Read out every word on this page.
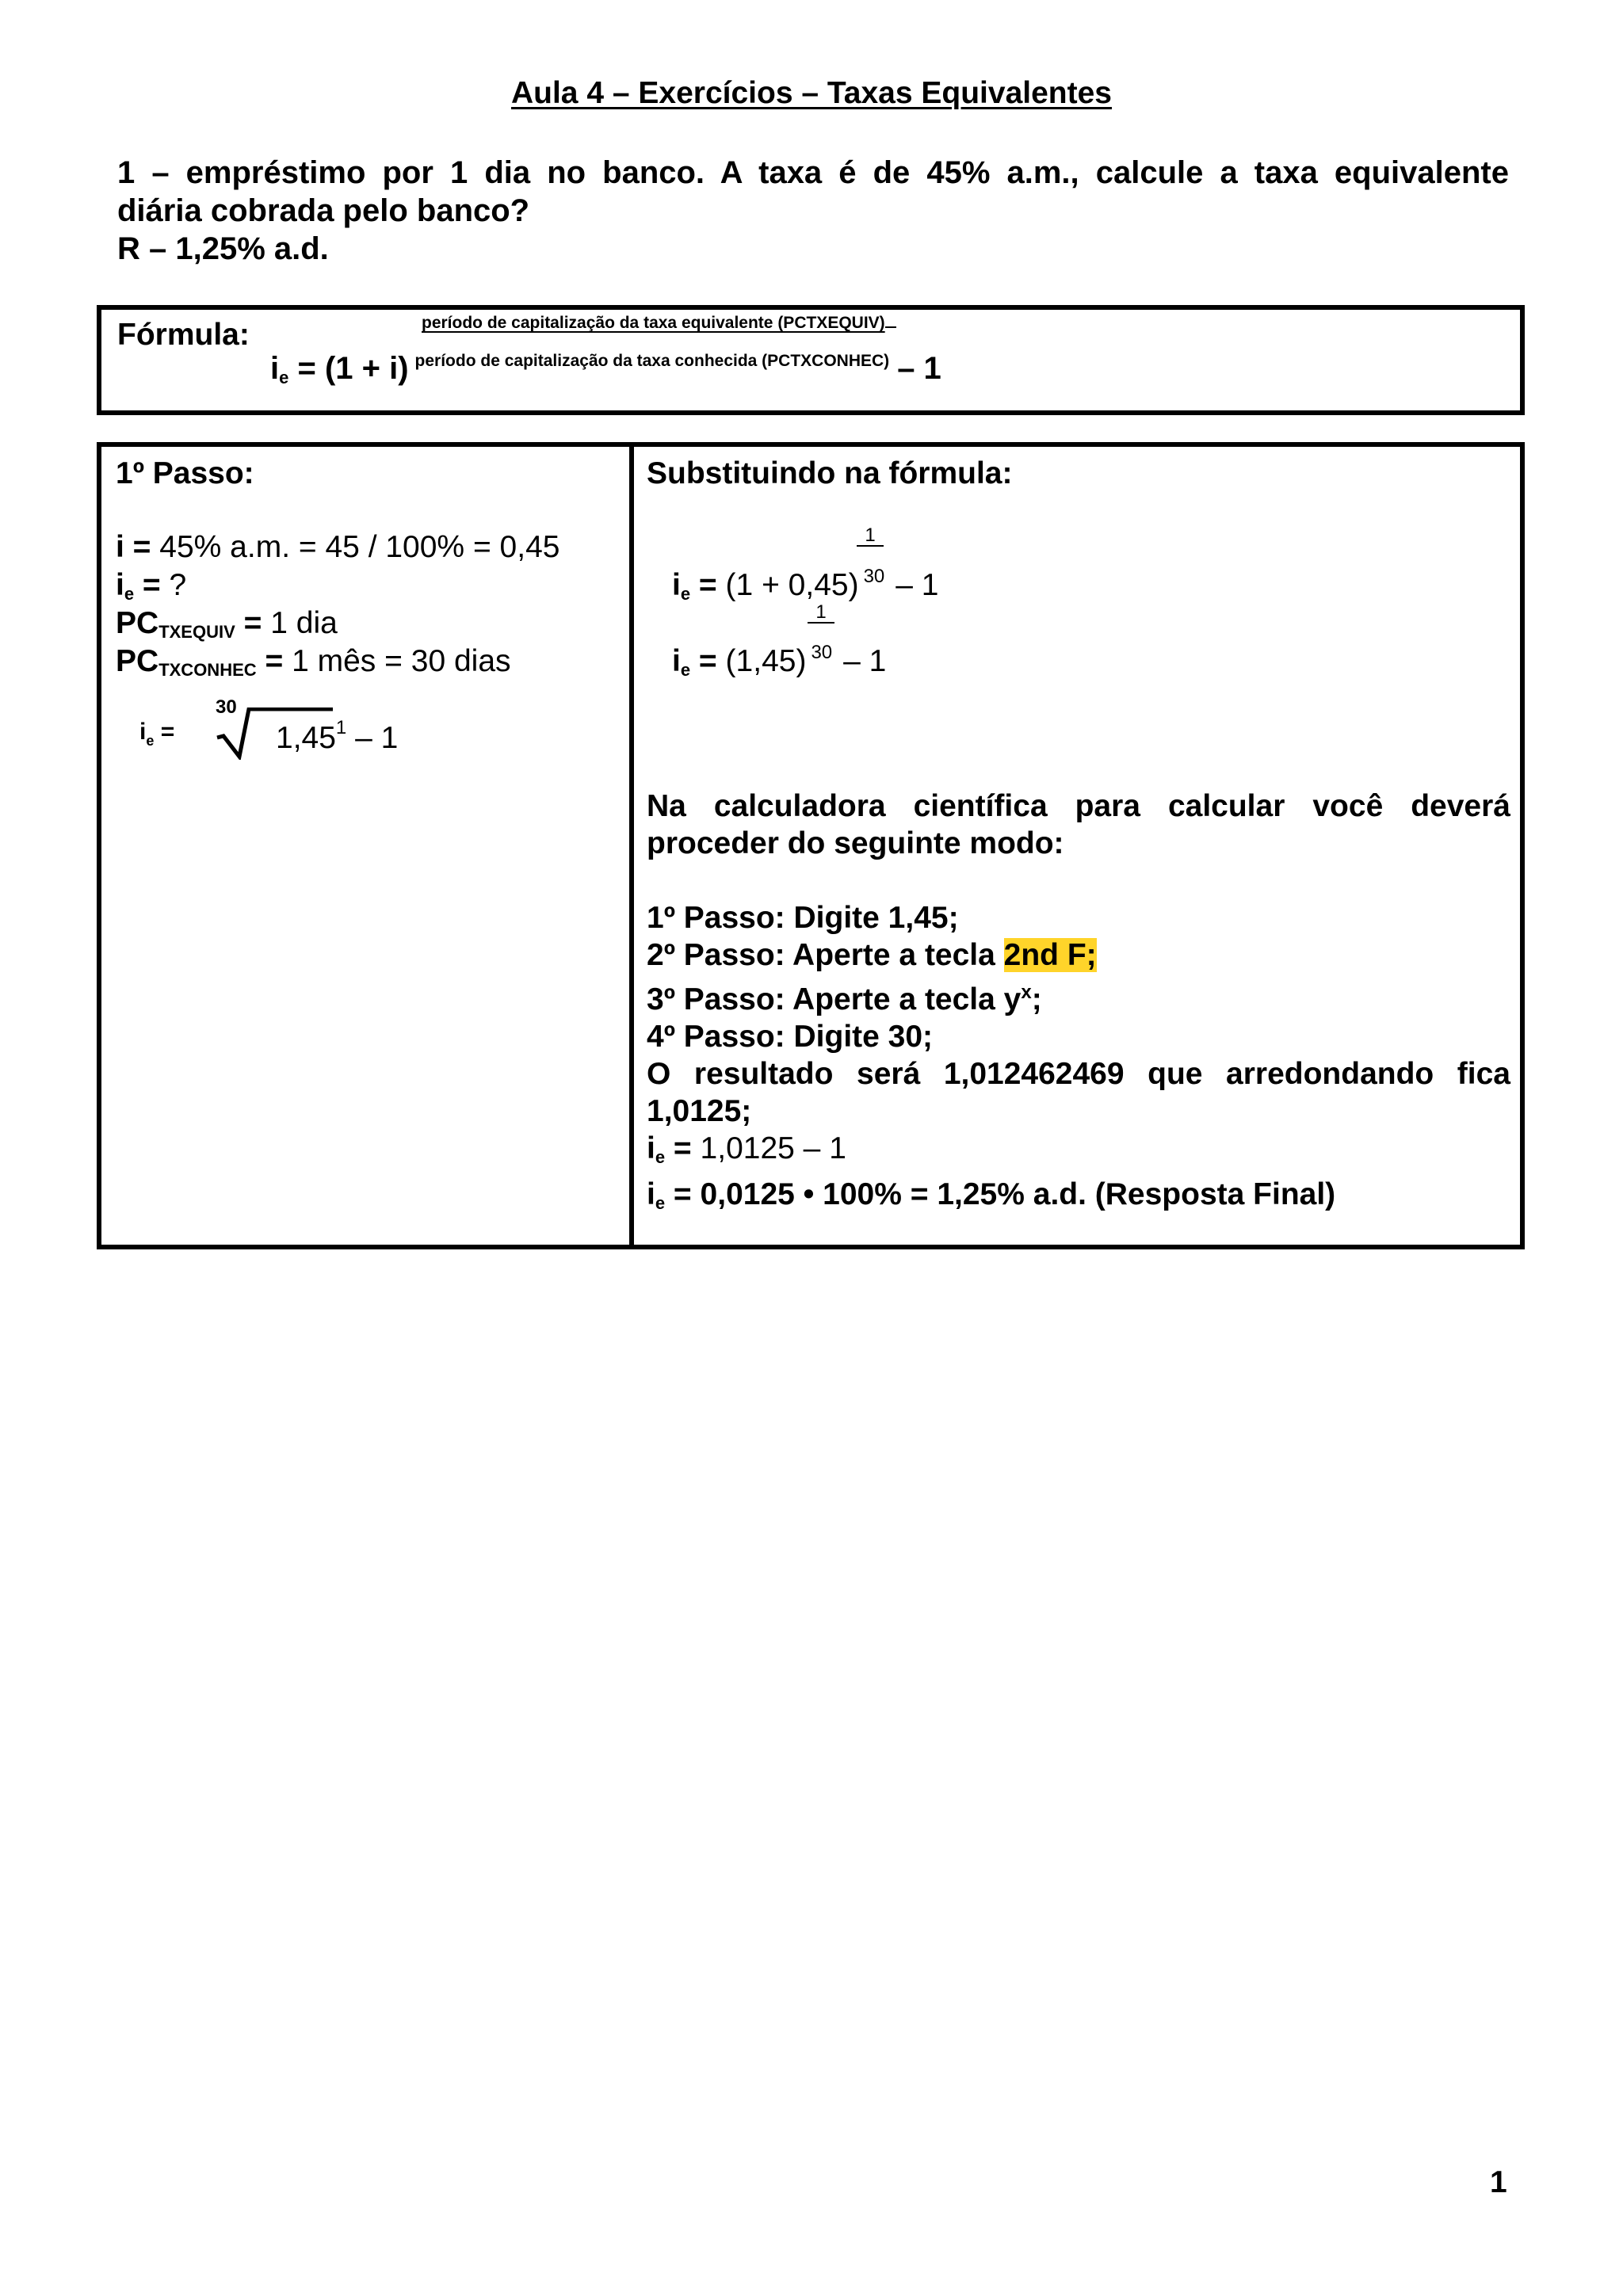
Aula 4 – Exercícios – Taxas Equivalentes
1 – empréstimo por 1 dia no banco. A taxa é de 45% a.m., calcule a taxa equivalente
diária cobrada pelo banco?
R – 1,25% a.d.
Fórmula:	período de capitalização da taxa equivalente (PCTXEQUIV)
$i_e = (1 + i)$ $^{período de capitalização da taxa conhecida (PCTXCONHEC)}$ – 1
1º Passo:
i = 45% a.m. = 45 / 100% = 0,45
$i_e$ = ?
$PC_{TXEQUIV} = 1$ dia
$PC_{TXCONHEC} = 1$ mês = 30 dias
$i_e$ =
30
1,45$^1$ – 1
Substituindo na fórmula:
1
$i_e = (1 + 0,45)$ $^{30}$ – 1
1
$i_e = (1,45)$ $^{30}$ – 1
Na calculadora científica para calcular você deverá
proceder do seguinte modo:
1º Passo: Digite 1,45;
2º Passo: Aperte a tecla 2nd F;
3º Passo: Aperte a tecla $y^x$;
4º Passo: Digite 30;
O resultado será 1,012462469 que arredondando fica
1,0125;
$i_e = 1,0125 - 1$
$i_e = 0,0125$ • 100% = 1,25% a.d. (Resposta Final)
1
